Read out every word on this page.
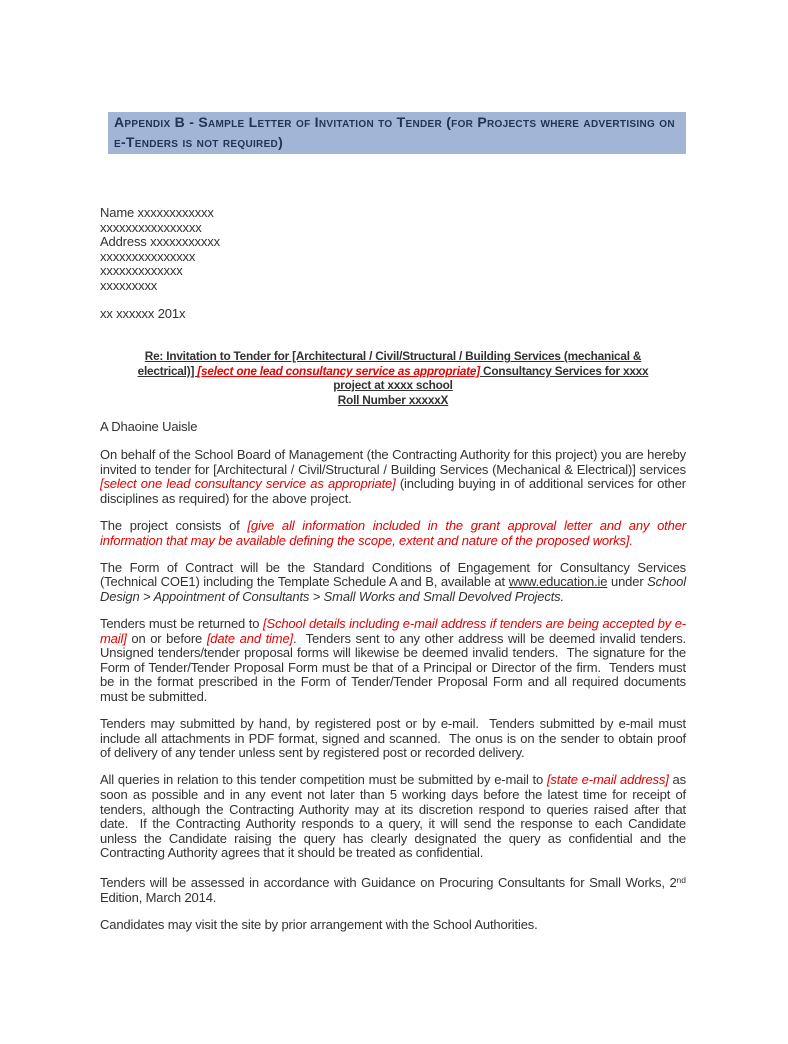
Appendix B - Sample Letter of Invitation to Tender (for Projects where advertising on e-Tenders is not required)
Name xxxxxxxxxxxx
xxxxxxxxxxxxxxxx
Address xxxxxxxxxxx
xxxxxxxxxxxxxxx
xxxxxxxxxxxxx
xxxxxxxxx
xx xxxxxx 201x
Re: Invitation to Tender for [Architectural / Civil/Structural / Building Services (mechanical &
electrical)] [select one lead consultancy service as appropriate] Consultancy Services for xxxx
project at xxxx school
Roll Number xxxxxX
A Dhaoine Uaisle
On behalf of the School Board of Management (the Contracting Authority for this project) you are hereby invited to tender for [Architectural / Civil/Structural / Building Services (Mechanical & Electrical)] services [select one lead consultancy service as appropriate] (including buying in of additional services for other disciplines as required) for the above project.
The project consists of [give all information included in the grant approval letter and any other information that may be available defining the scope, extent and nature of the proposed works].
The Form of Contract will be the Standard Conditions of Engagement for Consultancy Services (Technical COE1) including the Template Schedule A and B, available at www.education.ie under School Design > Appointment of Consultants > Small Works and Small Devolved Projects.
Tenders must be returned to [School details including e-mail address if tenders are being accepted by e-mail] on or before [date and time].  Tenders sent to any other address will be deemed invalid tenders.  Unsigned tenders/tender proposal forms will likewise be deemed invalid tenders.  The signature for the Form of Tender/Tender Proposal Form must be that of a Principal or Director of the firm.  Tenders must be in the format prescribed in the Form of Tender/Tender Proposal Form and all required documents must be submitted.
Tenders may submitted by hand, by registered post or by e-mail.  Tenders submitted by e-mail must include all attachments in PDF format, signed and scanned.  The onus is on the sender to obtain proof of delivery of any tender unless sent by registered post or recorded delivery.
All queries in relation to this tender competition must be submitted by e-mail to [state e-mail address] as soon as possible and in any event not later than 5 working days before the latest time for receipt of tenders, although the Contracting Authority may at its discretion respond to queries raised after that date.  If the Contracting Authority responds to a query, it will send the response to each Candidate unless the Candidate raising the query has clearly designated the query as confidential and the Contracting Authority agrees that it should be treated as confidential.
Tenders will be assessed in accordance with Guidance on Procuring Consultants for Small Works, 2nd Edition, March 2014.
Candidates may visit the site by prior arrangement with the School Authorities.
